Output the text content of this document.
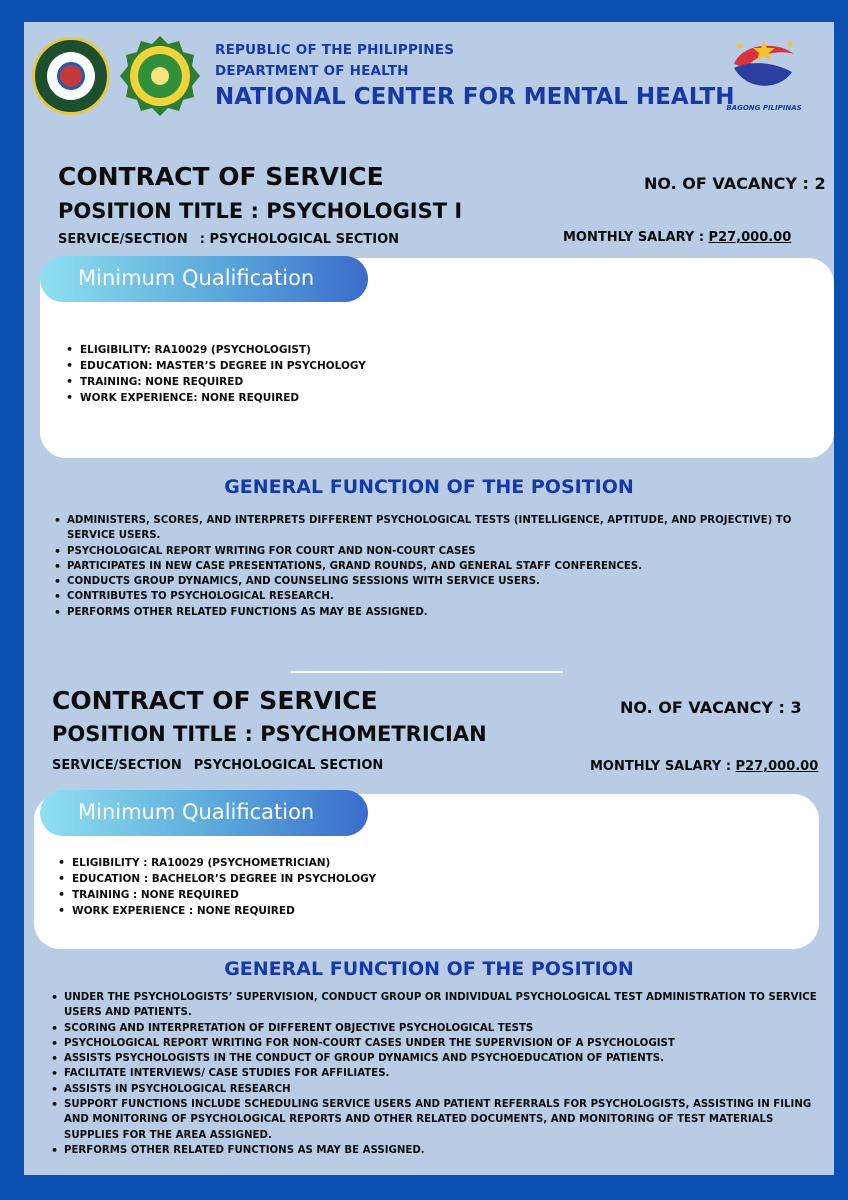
REPUBLIC OF THE PHILIPPINES
DEPARTMENT OF HEALTH
NATIONAL CENTER FOR MENTAL HEALTH
BAGONG PILIPINAS
CONTRACT OF SERVICE
POSITION TITLE : PSYCHOLOGIST I
SERVICE/SECTION : PSYCHOLOGICAL SECTION
NO. OF VACANCY : 2
MONTHLY SALARY : P27,000.00
Minimum Qualification
• ELIGIBILITY: RA10029 (PSYCHOLOGIST)
• EDUCATION: MASTER’S DEGREE IN PSYCHOLOGY
• TRAINING: NONE REQUIRED
• WORK EXPERIENCE: NONE REQUIRED
GENERAL FUNCTION OF THE POSITION
• ADMINISTERS, SCORES, AND INTERPRETS DIFFERENT PSYCHOLOGICAL TESTS (INTELLIGENCE, APTITUDE, AND PROJECTIVE) TO SERVICE USERS.
• PSYCHOLOGICAL REPORT WRITING FOR COURT AND NON-COURT CASES
• PARTICIPATES IN NEW CASE PRESENTATIONS, GRAND ROUNDS, AND GENERAL STAFF CONFERENCES.
• CONDUCTS GROUP DYNAMICS, AND COUNSELING SESSIONS WITH SERVICE USERS.
• CONTRIBUTES TO PSYCHOLOGICAL RESEARCH.
• PERFORMS OTHER RELATED FUNCTIONS AS MAY BE ASSIGNED.
CONTRACT OF SERVICE
POSITION TITLE : PSYCHOMETRICIAN
SERVICE/SECTION PSYCHOLOGICAL SECTION
NO. OF VACANCY : 3
MONTHLY SALARY : P27,000.00
Minimum Qualification
• ELIGIBILITY : RA10029 (PSYCHOMETRICIAN)
• EDUCATION : BACHELOR’S DEGREE IN PSYCHOLOGY
• TRAINING : NONE REQUIRED
• WORK EXPERIENCE : NONE REQUIRED
GENERAL FUNCTION OF THE POSITION
• UNDER THE PSYCHOLOGISTS’ SUPERVISION, CONDUCT GROUP OR INDIVIDUAL PSYCHOLOGICAL TEST ADMINISTRATION TO SERVICE USERS AND PATIENTS.
• SCORING AND INTERPRETATION OF DIFFERENT OBJECTIVE PSYCHOLOGICAL TESTS
• PSYCHOLOGICAL REPORT WRITING FOR NON-COURT CASES UNDER THE SUPERVISION OF A PSYCHOLOGIST
• ASSISTS PSYCHOLOGISTS IN THE CONDUCT OF GROUP DYNAMICS AND PSYCHOEDUCATION OF PATIENTS.
• FACILITATE INTERVIEWS/ CASE STUDIES FOR AFFILIATES.
• ASSISTS IN PSYCHOLOGICAL RESEARCH
• SUPPORT FUNCTIONS INCLUDE SCHEDULING SERVICE USERS AND PATIENT REFERRALS FOR PSYCHOLOGISTS, ASSISTING IN FILING AND MONITORING OF PSYCHOLOGICAL REPORTS AND OTHER RELATED DOCUMENTS, AND MONITORING OF TEST MATERIALS SUPPLIES FOR THE AREA ASSIGNED.
• PERFORMS OTHER RELATED FUNCTIONS AS MAY BE ASSIGNED.
